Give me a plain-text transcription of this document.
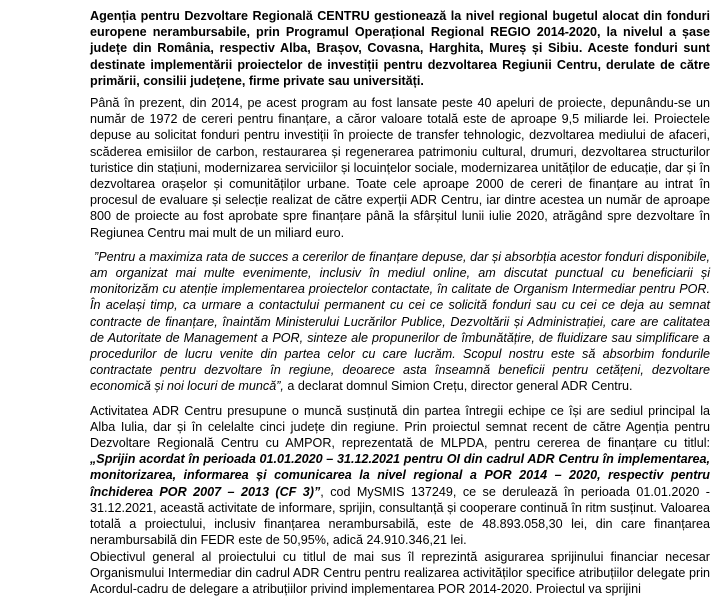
Agenția pentru Dezvoltare Regională CENTRU gestionează la nivel regional bugetul alocat din fonduri europene nerambursabile, prin Programul Operațional Regional REGIO 2014-2020, la nivelul a șase județe din România, respectiv Alba, Brașov, Covasna, Harghita, Mureș și Sibiu. Aceste fonduri sunt destinate implementării proiectelor de investiții pentru dezvoltarea Regiunii Centru, derulate de către primării, consilii județene, firme private sau universități.

Până în prezent, din 2014, pe acest program au fost lansate peste 40 apeluri de proiecte, depunându-se un număr de 1972 de cereri pentru finanțare, a căror valoare totală este de aproape 9,5 miliarde lei. Proiectele depuse au solicitat fonduri pentru investiții în proiecte de transfer tehnologic, dezvoltarea mediului de afaceri, scăderea emisiilor de carbon, restaurarea și regenerarea patrimoniu cultural, drumuri, dezvoltarea structurilor turistice din stațiuni, modernizarea serviciilor și locuințelor sociale, modernizarea unităților de educație, dar și în dezvoltarea orașelor și comunităților urbane. Toate cele aproape 2000 de cereri de finanțare au intrat în procesul de evaluare și selecție realizat de către experții ADR Centru, iar dintre acestea un număr de aproape 800 de proiecte au fost aprobate spre finanțare până la sfârșitul lunii iulie 2020, atrăgând spre dezvoltare în Regiunea Centru mai mult de un miliard euro.

”Pentru a maximiza rata de succes a cererilor de finanțare depuse, dar și absorbția acestor fonduri disponibile, am organizat mai multe evenimente, inclusiv în mediul online, am discutat punctual cu beneficiarii și monitorizăm cu atenție implementarea proiectelor contactate, în calitate de Organism Intermediar pentru POR. În același timp, ca urmare a contactului permanent cu cei ce solicită fonduri sau cu cei ce deja au semnat contracte de finanțare, înaintăm Ministerului Lucrărilor Publice, Dezvoltării și Administrației, care are calitatea de Autoritate de Management a POR, sinteze ale propunerilor de îmbunătățire, de fluidizare sau simplificare a procedurilor de lucru venite din partea celor cu care lucrăm. Scopul nostru este să absorbim fondurile contractate pentru dezvoltare în regiune, deoarece asta înseamnă beneficii pentru cetățeni, dezvoltare economică și noi locuri de muncă”, a declarat domnul Simion Crețu, director general ADR Centru.

Activitatea ADR Centru presupune o muncă susținută din partea întregii echipe ce își are sediul principal la Alba Iulia, dar și în celelalte cinci județe din regiune. Prin proiectul semnat recent de către Agenția pentru Dezvoltare Regională Centru cu AMPOR, reprezentată de MLPDA, pentru cererea de finanțare cu titlul: „Sprijin acordat în perioada 01.01.2020 – 31.12.2021 pentru OI din cadrul ADR Centru în implementarea, monitorizarea, informarea și comunicarea la nivel regional a POR 2014 – 2020, respectiv pentru închiderea POR 2007 – 2013 (CF 3)”, cod MySMIS 137249, ce se derulează în perioada 01.01.2020 - 31.12.2021, această activitate de informare, sprijin, consultanță și cooperare continuă în ritm susținut. Valoarea totală a proiectului, inclusiv finanțarea nerambursabilă, este de 48.893.058,30 lei, din care finanțarea nerambursabilă din FEDR este de 50,95%, adică 24.910.346,21 lei.

Obiectivul general al proiectului cu titlul de mai sus îl reprezintă asigurarea sprijinului financiar necesar Organismului Intermediar din cadrul ADR Centru pentru realizarea activităților specifice atribuțiilor delegate prin Acordul-cadru de delegare a atribuțiilor privind implementarea POR 2014-2020. Proiectul va sprijini
